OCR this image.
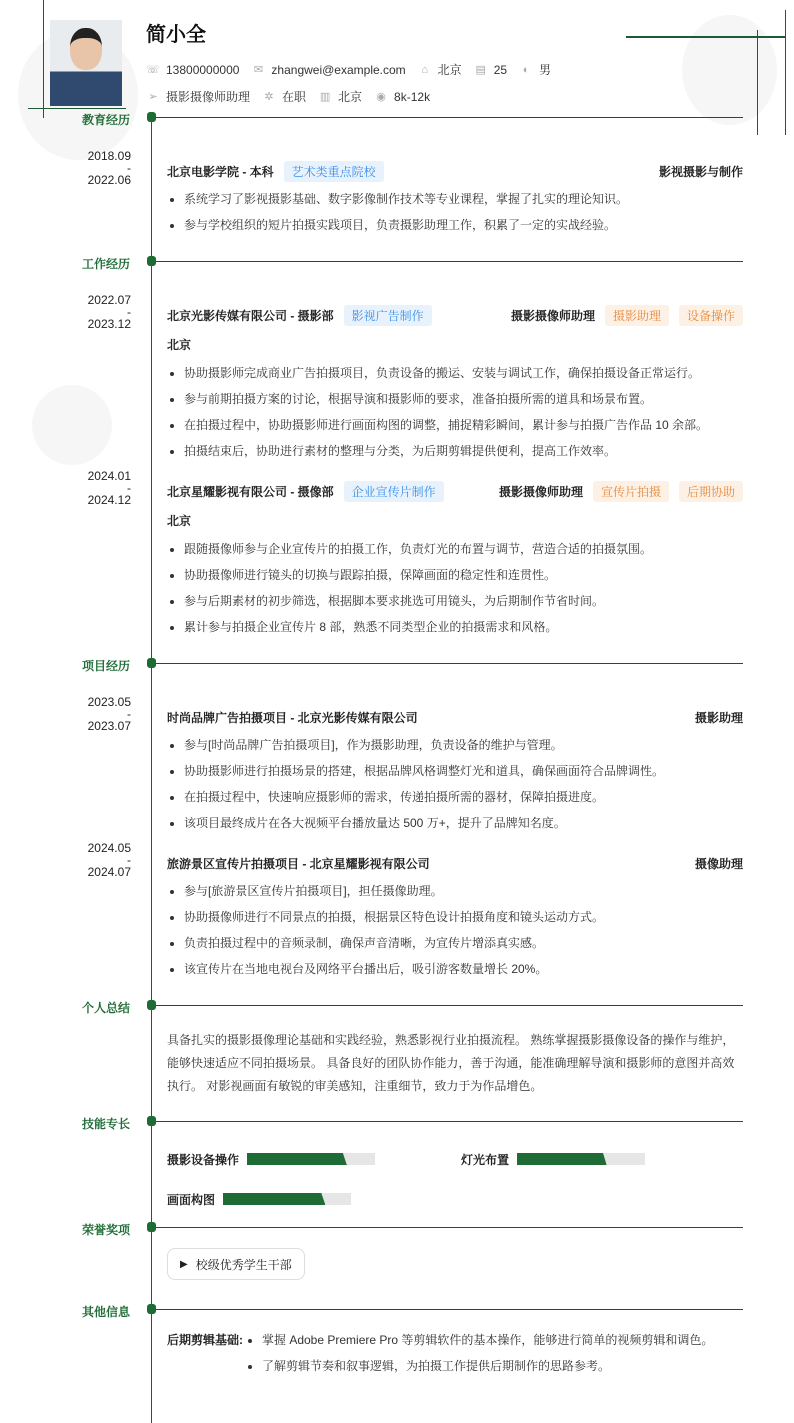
简小全
☏ 13800000000 ✉ zhangwei@example.com	⌂ 北京 ▤ 25	◐ 男
➢ 摄影摄像师助理 ✲ 在职 ▥ 北京 ◉ 8k-12k
教育经历
2018.09
-
2022.06
北京电影学院 - 本科	艺术类重点院校	影视摄影与制作
系统学习了影视摄影基础、数字影像制作技术等专业课程，掌握了扎实的理论知识。
参与学校组织的短片拍摄实践项目，负责摄影助理工作，积累了一定的实战经验。
工作经历
2022.07
-
2023.12
北京光影传媒有限公司 - 摄影部	影视广告制作	摄影摄像师助理	摄影助理	设备操作
北京
协助摄影师完成商业广告拍摄项目，负责设备的搬运、安装与调试工作，确保拍摄设备正常运行。
参与前期拍摄方案的讨论，根据导演和摄影师的要求，准备拍摄所需的道具和场景布置。
在拍摄过程中，协助摄影师进行画面构图的调整，捕捉精彩瞬间，累计参与拍摄广告作品 10 余部。
拍摄结束后，协助进行素材的整理与分类，为后期剪辑提供便利，提高工作效率。
2024.01
-
2024.12
北京星耀影视有限公司 - 摄像部	企业宣传片制作	摄影摄像师助理	宣传片拍摄	后期协助
北京
跟随摄像师参与企业宣传片的拍摄工作，负责灯光的布置与调节，营造合适的拍摄氛围。
协助摄像师进行镜头的切换与跟踪拍摄，保障画面的稳定性和连贯性。
参与后期素材的初步筛选，根据脚本要求挑选可用镜头，为后期制作节省时间。
累计参与拍摄企业宣传片 8 部，熟悉不同类型企业的拍摄需求和风格。
项目经历
2023.05
-
2023.07
时尚品牌广告拍摄项目 - 北京光影传媒有限公司	摄影助理
参与[时尚品牌广告拍摄项目]，作为摄影助理，负责设备的维护与管理。
协助摄影师进行拍摄场景的搭建，根据品牌风格调整灯光和道具，确保画面符合品牌调性。
在拍摄过程中，快速响应摄影师的需求，传递拍摄所需的器材，保障拍摄进度。
该项目最终成片在各大视频平台播放量达 500 万+，提升了品牌知名度。
2024.05
-
2024.07
旅游景区宣传片拍摄项目 - 北京星耀影视有限公司	摄像助理
参与[旅游景区宣传片拍摄项目]，担任摄像助理。
协助摄像师进行不同景点的拍摄，根据景区特色设计拍摄角度和镜头运动方式。
负责拍摄过程中的音频录制，确保声音清晰，为宣传片增添真实感。
该宣传片在当地电视台及网络平台播出后，吸引游客数量增长 20%。
个人总结
具备扎实的摄影摄像理论基础和实践经验，熟悉影视行业拍摄流程。 熟练掌握摄影摄像设备的操作与维护，能够快速适应不同拍摄场景。 具备良好的团队协作能力，善于沟通，能准确理解导演和摄影师的意图并高效执行。 对影视画面有敏锐的审美感知，注重细节，致力于为作品增色。
技能专长
摄影设备操作	灯光布置
画面构图
荣誉奖项
▶ 校级优秀学生干部
其他信息
后期剪辑基础:	掌握 Adobe Premiere Pro 等剪辑软件的基本操作，能够进行简单的视频剪辑和调色。
了解剪辑节奏和叙事逻辑，为拍摄工作提供后期制作的思路参考。
